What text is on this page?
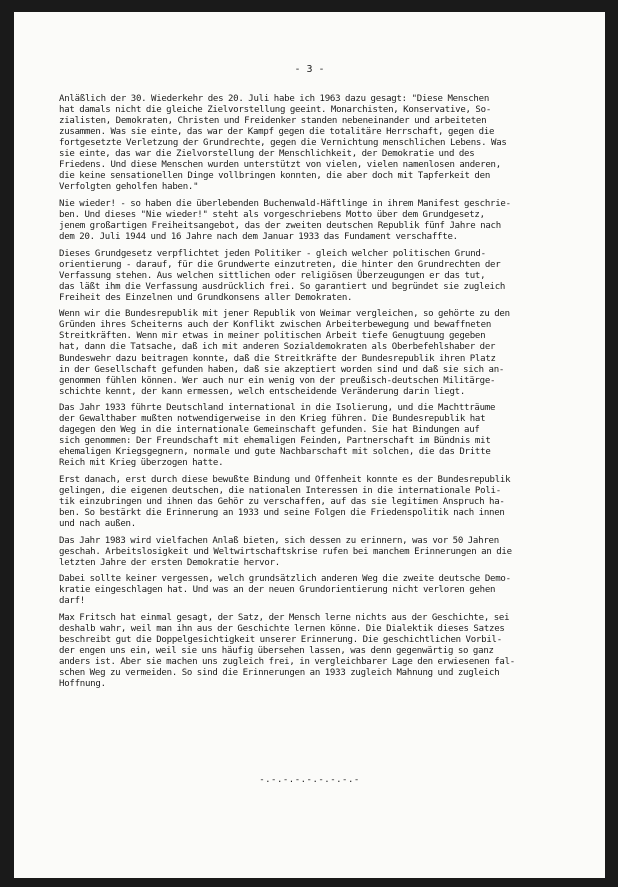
- 3 -

Anläßlich der 30. Wiederkehr des 20. Juli habe ich 1963 dazu gesagt: "Diese Menschen
hat damals nicht die gleiche Zielvorstellung geeint. Monarchisten, Konservative, So-
zialisten, Demokraten, Christen und Freidenker standen nebeneinander und arbeiteten
zusammen. Was sie einte, das war der Kampf gegen die totalitäre Herrschaft, gegen die
fortgesetzte Verletzung der Grundrechte, gegen die Vernichtung menschlichen Lebens. Was
sie einte, das war die Zielvorstellung der Menschlichkeit, der Demokratie und des
Friedens. Und diese Menschen wurden unterstützt von vielen, vielen namenlosen anderen,
die keine sensationellen Dinge vollbringen konnten, die aber doch mit Tapferkeit den
Verfolgten geholfen haben."

Nie wieder! - so haben die überlebenden Buchenwald-Häftlinge in ihrem Manifest geschrie-
ben. Und dieses "Nie wieder!" steht als vorgeschriebens Motto über dem Grundgesetz,
jenem großartigen Freiheitsangebot, das der zweiten deutschen Republik fünf Jahre nach
dem 20. Juli 1944 und 16 Jahre nach dem Januar 1933 das Fundament verschaffte.

Dieses Grundgesetz verpflichtet jeden Politiker - gleich welcher politischen Grund-
orientierung - darauf, für die Grundwerte einzutreten, die hinter den Grundrechten der
Verfassung stehen. Aus welchen sittlichen oder religiösen Überzeugungen er das tut,
das läßt ihm die Verfassung ausdrücklich frei. So garantiert und begründet sie zugleich
Freiheit des Einzelnen und Grundkonsens aller Demokraten.

Wenn wir die Bundesrepublik mit jener Republik von Weimar vergleichen, so gehörte zu den
Gründen ihres Scheiterns auch der Konflikt zwischen Arbeiterbewegung und bewaffneten
Streitkräften. Wenn mir etwas in meiner politischen Arbeit tiefe Genugtuung gegeben
hat, dann die Tatsache, daß ich mit anderen Sozialdemokraten als Oberbefehlshaber der
Bundeswehr dazu beitragen konnte, daß die Streitkräfte der Bundesrepublik ihren Platz
in der Gesellschaft gefunden haben, daß sie akzeptiert worden sind und daß sie sich an-
genommen fühlen können. Wer auch nur ein wenig von der preußisch-deutschen Militärge-
schichte kennt, der kann ermessen, welch entscheidende Veränderung darin liegt.

Das Jahr 1933 führte Deutschland international in die Isolierung, und die Machtträume
der Gewalthaber mußten notwendigerweise in den Krieg führen. Die Bundesrepublik hat
dagegen den Weg in die internationale Gemeinschaft gefunden. Sie hat Bindungen auf
sich genommen: Der Freundschaft mit ehemaligen Feinden, Partnerschaft im Bündnis mit
ehemaligen Kriegsgegnern, normale und gute Nachbarschaft mit solchen, die das Dritte
Reich mit Krieg überzogen hatte.

Erst danach, erst durch diese bewußte Bindung und Offenheit konnte es der Bundesrepublik
gelingen, die eigenen deutschen, die nationalen Interessen in die internationale Poli-
tik einzubringen und ihnen das Gehör zu verschaffen, auf das sie legitimen Anspruch ha-
ben. So bestärkt die Erinnerung an 1933 und seine Folgen die Friedenspolitik nach innen
und nach außen.

Das Jahr 1983 wird vielfachen Anlaß bieten, sich dessen zu erinnern, was vor 50 Jahren
geschah. Arbeitslosigkeit und Weltwirtschaftskrise rufen bei manchem Erinnerungen an die
letzten Jahre der ersten Demokratie hervor.

Dabei sollte keiner vergessen, welch grundsätzlich anderen Weg die zweite deutsche Demo-
kratie eingeschlagen hat. Und was an der neuen Grundorientierung nicht verloren gehen
darf!

Max Fritsch hat einmal gesagt, der Satz, der Mensch lerne nichts aus der Geschichte, sei
deshalb wahr, weil man ihn aus der Geschichte lernen könne. Die Dialektik dieses Satzes
beschreibt gut die Doppelgesichtigkeit unserer Erinnerung. Die geschichtlichen Vorbil-
der engen uns ein, weil sie uns häufig übersehen lassen, was denn gegenwärtig so ganz
anders ist. Aber sie machen uns zugleich frei, in vergleichbarer Lage den erwiesenen fal-
schen Weg zu vermeiden. So sind die Erinnerungen an 1933 zugleich Mahnung und zugleich
Hoffnung.

-.-.-.-.-.-.-.-.-
